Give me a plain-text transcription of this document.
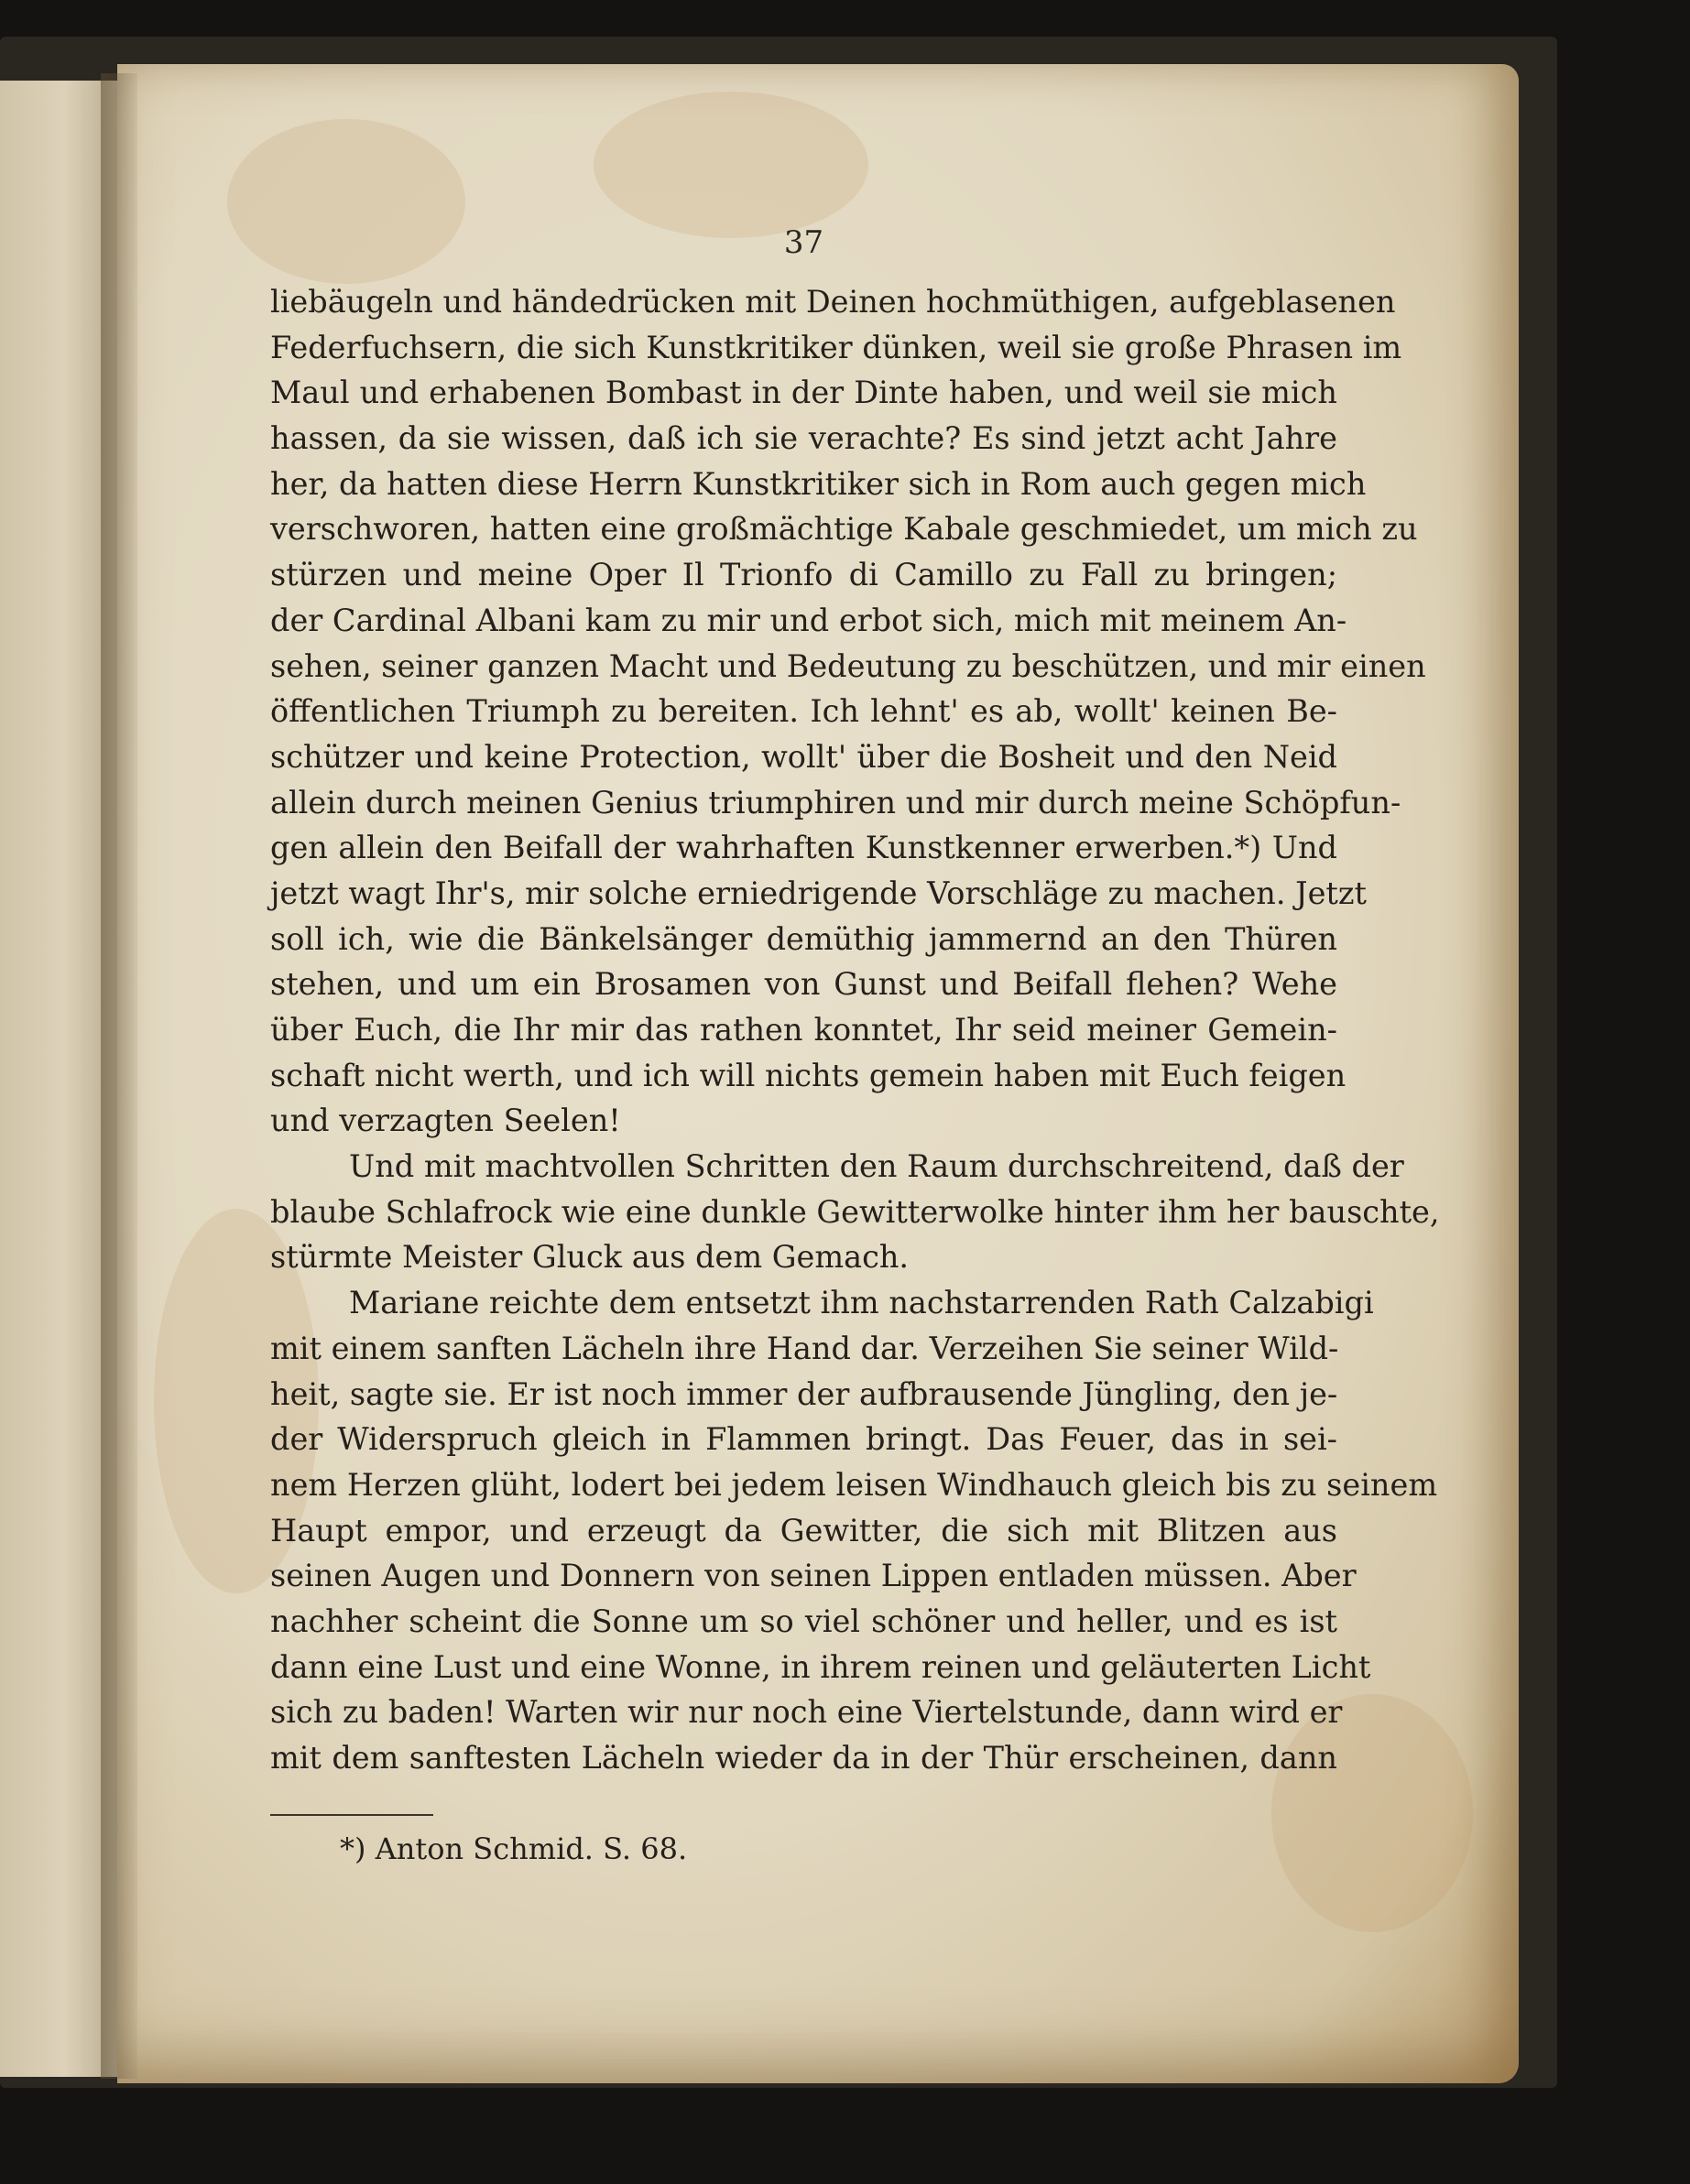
37
liebäugeln und händedrücken mit Deinen hochmüthigen, aufgeblasenen
Federfuchsern, die sich Kunstkritiker dünken, weil sie große Phrasen im
Maul und erhabenen Bombast in der Dinte haben, und weil sie mich
hassen, da sie wissen, daß ich sie verachte? Es sind jetzt acht Jahre
her, da hatten diese Herrn Kunstkritiker sich in Rom auch gegen mich
verschworen, hatten eine großmächtige Kabale geschmiedet, um mich zu
stürzen und meine Oper Il Trionfo di Camillo zu Fall zu bringen;
der Cardinal Albani kam zu mir und erbot sich, mich mit meinem An-
sehen, seiner ganzen Macht und Bedeutung zu beschützen, und mir einen
öffentlichen Triumph zu bereiten. Ich lehnt' es ab, wollt' keinen Be-
schützer und keine Protection, wollt' über die Bosheit und den Neid
allein durch meinen Genius triumphiren und mir durch meine Schöpfun-
gen allein den Beifall der wahrhaften Kunstkenner erwerben.*) Und
jetzt wagt Ihr's, mir solche erniedrigende Vorschläge zu machen. Jetzt
soll ich, wie die Bänkelsänger demüthig jammernd an den Thüren
stehen, und um ein Brosamen von Gunst und Beifall flehen? Wehe
über Euch, die Ihr mir das rathen konntet, Ihr seid meiner Gemein-
schaft nicht werth, und ich will nichts gemein haben mit Euch feigen
und verzagten Seelen!
Und mit machtvollen Schritten den Raum durchschreitend, daß der
blaube Schlafrock wie eine dunkle Gewitterwolke hinter ihm her bauschte,
stürmte Meister Gluck aus dem Gemach.
Mariane reichte dem entsetzt ihm nachstarrenden Rath Calzabigi
mit einem sanften Lächeln ihre Hand dar. Verzeihen Sie seiner Wild-
heit, sagte sie. Er ist noch immer der aufbrausende Jüngling, den je-
der Widerspruch gleich in Flammen bringt. Das Feuer, das in sei-
nem Herzen glüht, lodert bei jedem leisen Windhauch gleich bis zu seinem
Haupt empor, und erzeugt da Gewitter, die sich mit Blitzen aus
seinen Augen und Donnern von seinen Lippen entladen müssen. Aber
nachher scheint die Sonne um so viel schöner und heller, und es ist
dann eine Lust und eine Wonne, in ihrem reinen und geläuterten Licht
sich zu baden! Warten wir nur noch eine Viertelstunde, dann wird er
mit dem sanftesten Lächeln wieder da in der Thür erscheinen, dann
*) Anton Schmid. S. 68.
